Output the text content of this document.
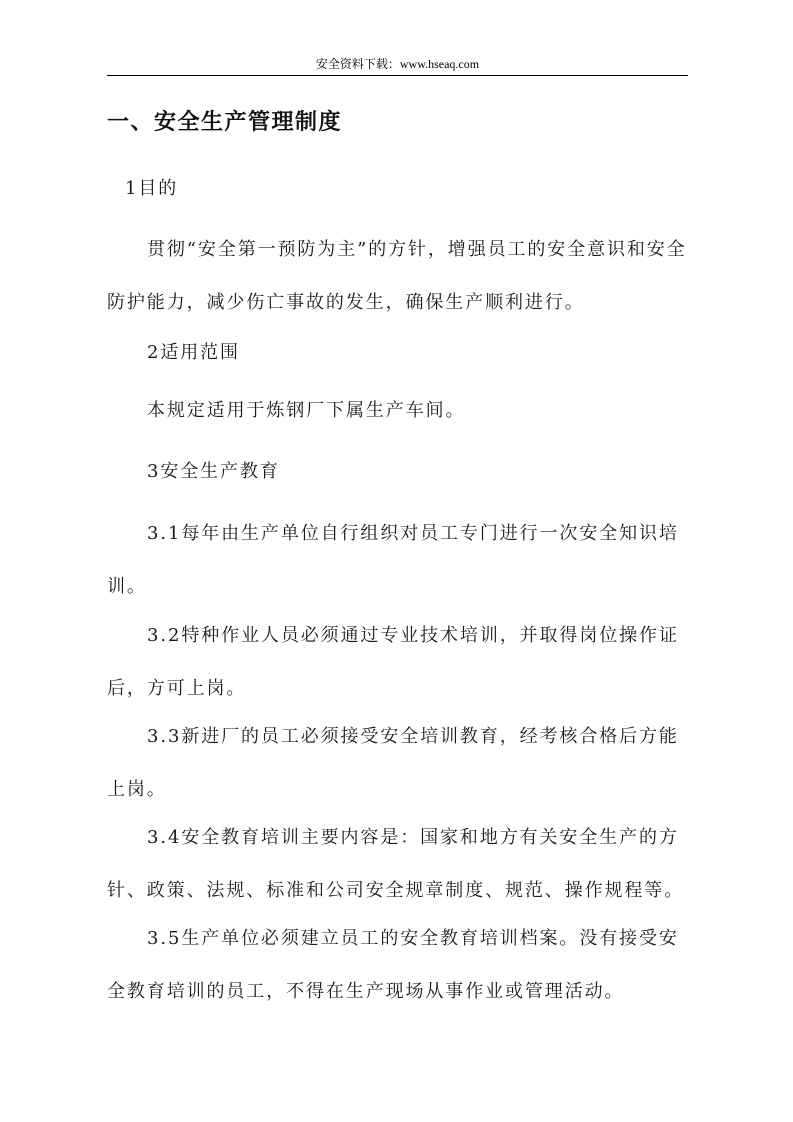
安全资料下载：www.hseaq.com
一、安全生产管理制度

1目的

贯彻“安全第一预防为主”的方针，增强员工的安全意识和安全防护能力，减少伤亡事故的发生，确保生产顺利进行。

2适用范围

本规定适用于炼钢厂下属生产车间。

3安全生产教育

3.1每年由生产单位自行组织对员工专门进行一次安全知识培训。

3.2特种作业人员必须通过专业技术培训，并取得岗位操作证后，方可上岗。

3.3新进厂的员工必须接受安全培训教育，经考核合格后方能上岗。

3.4安全教育培训主要内容是：国家和地方有关安全生产的方针、政策、法规、标准和公司安全规章制度、规范、操作规程等。

3.5生产单位必须建立员工的安全教育培训档案。没有接受安全教育培训的员工，不得在生产现场从事作业或管理活动。
